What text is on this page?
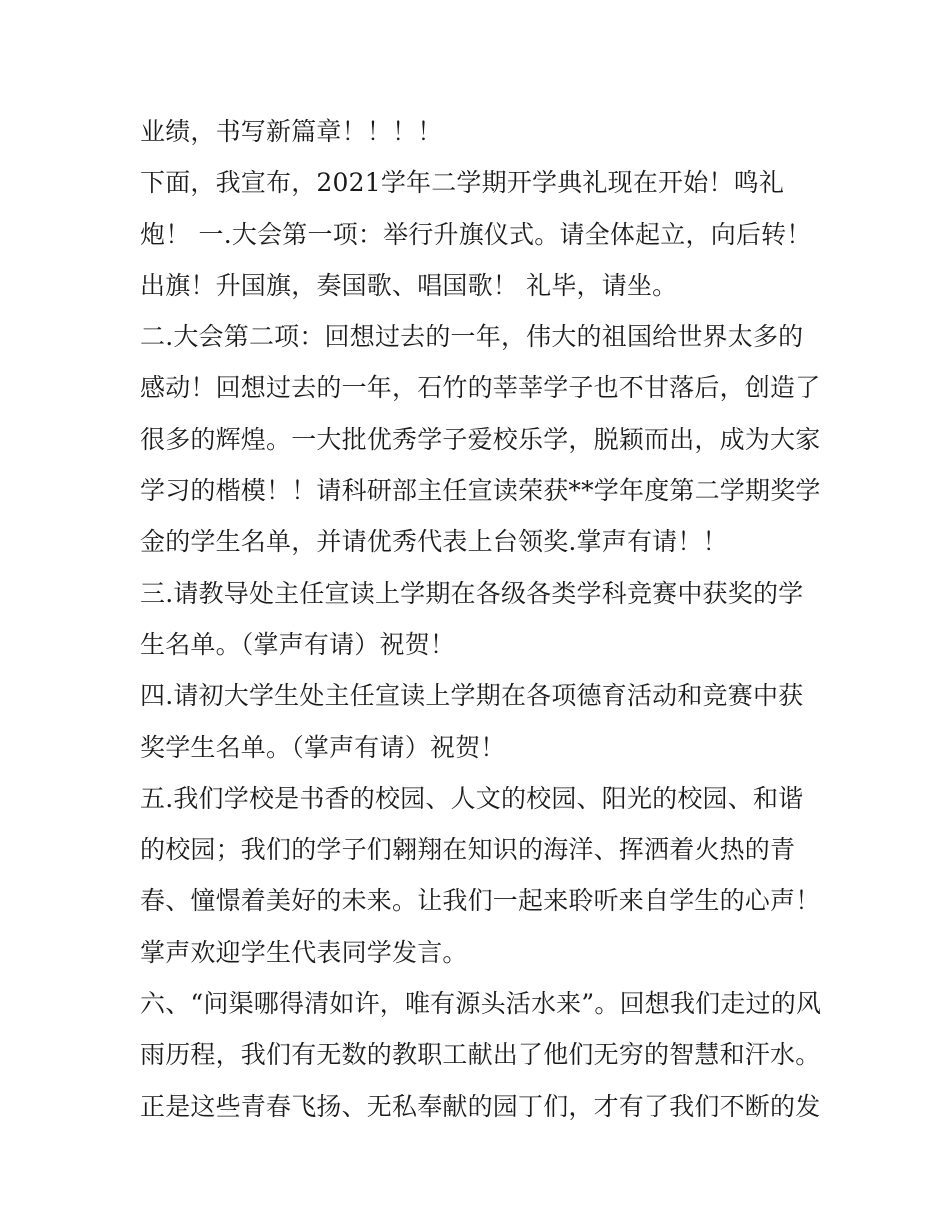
业绩，书写新篇章！！！！
下面，我宣布，2021学年二学期开学典礼现在开始！鸣礼
炮！ 一.大会第一项：举行升旗仪式。请全体起立，向后转！
出旗！升国旗，奏国歌、唱国歌！ 礼毕，请坐。
二.大会第二项：回想过去的一年，伟大的祖国给世界太多的
感动！回想过去的一年，石竹的莘莘学子也不甘落后，创造了
很多的辉煌。一大批优秀学子爱校乐学，脱颖而出，成为大家
学习的楷模！！请科研部主任宣读荣获**学年度第二学期奖学
金的学生名单，并请优秀代表上台领奖.掌声有请！！
三.请教导处主任宣读上学期在各级各类学科竞赛中获奖的学
生名单。（掌声有请）祝贺！
四.请初大学生处主任宣读上学期在各项德育活动和竞赛中获
奖学生名单。（掌声有请）祝贺！
五.我们学校是书香的校园、人文的校园、阳光的校园、和谐
的校园；我们的学子们翱翔在知识的海洋、挥洒着火热的青
春、憧憬着美好的未来。让我们一起来聆听来自学生的心声！
掌声欢迎学生代表同学发言。
六、“问渠哪得清如许，唯有源头活水来”。回想我们走过的风
雨历程，我们有无数的教职工献出了他们无穷的智慧和汗水。
正是这些青春飞扬、无私奉献的园丁们，才有了我们不断的发
